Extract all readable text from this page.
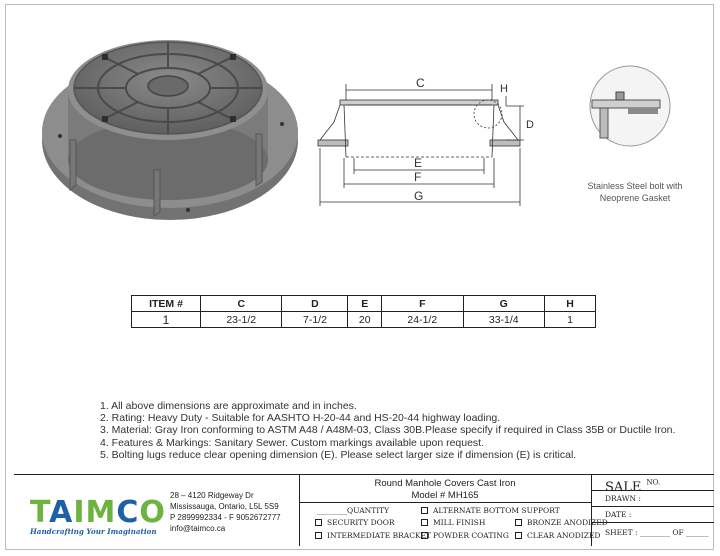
C	H
D
E
F
G
Stainless Steel bolt with
Neoprene Gasket
ITEM #	C	D	E	F	G	H
1	23-1/2	7-1/2	20	24-1/2	33-1/4	1
1. All above dimensions are approximate and in inches.
2. Rating: Heavy Duty - Suitable for AASHTO H-20-44 and HS-20-44 highway loading.
3. Material: Gray Iron conforming to ASTM A48 / A48M-03, Class 30B.Please specify if required in Class 35B or Ductile Iron.
4. Features & Markings: Sanitary Sewer. Custom markings available upon request.
5. Bolting lugs reduce clear opening dimension (E). Please select larger size if dimension (E) is critical.
TAIMCO
Handcrafting Your Imagination
28 – 4120 Ridgeway Dr
Mississauga, Ontario, L5L 5S9
P 2899992334 - F 9052672777
info@taimco.ca
Round Manhole Covers Cast Iron
Model # MH165
________QUANTITY
SECURITY DOOR
ALTERNATE BOTTOM SUPPORT
MILL FINISH	BRONZE ANODIZED
INTERMEDIATE BRACKET POWDER COATING CLEAR ANODIZED
SALE $^{NO.}$
DRAWN :
DATE :
SHEET : ________ OF ______
